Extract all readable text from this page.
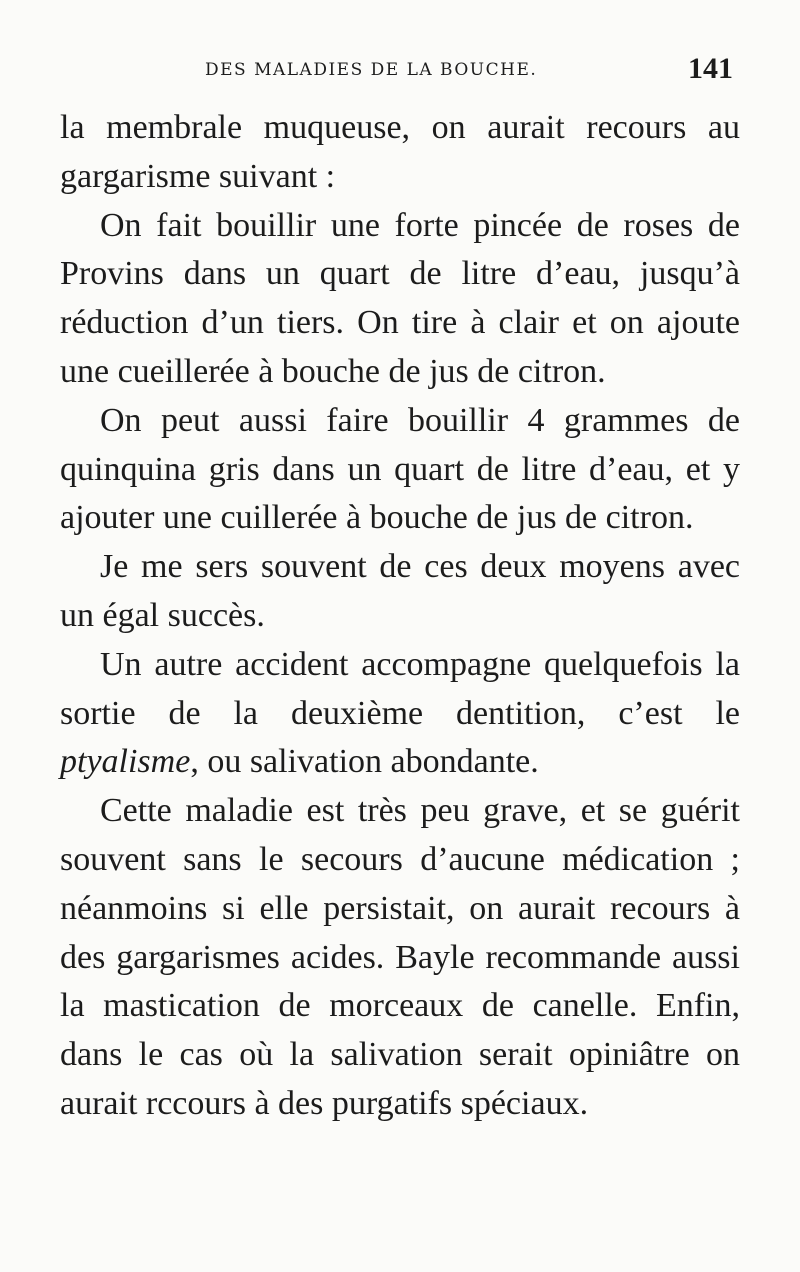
DES MALADIES DE LA BOUCHE.	141

la membrale muqueuse, on aurait recours au gargarisme suivant :

On fait bouillir une forte pincée de roses de Provins dans un quart de litre d’eau, jusqu’à réduction d’un tiers. On tire à clair et on ajoute une cueillerée à bouche de jus de citron.

On peut aussi faire bouillir 4 grammes de quinquina gris dans un quart de litre d’eau, et y ajouter une cuillerée à bouche de jus de citron.

Je me sers souvent de ces deux moyens avec un égal succès.

Un autre accident accompagne quelquefois la sortie de la deuxième dentition, c’est le ptyalisme, ou salivation abondante.

Cette maladie est très peu grave, et se guérit souvent sans le secours d’aucune médication ; néanmoins si elle persistait, on aurait recours à des gargarismes acides. Bayle recommande aussi la mastication de morceaux de canelle. Enfin, dans le cas où la salivation serait opiniâtre on aurait rccours à des purgatifs spéciaux.
